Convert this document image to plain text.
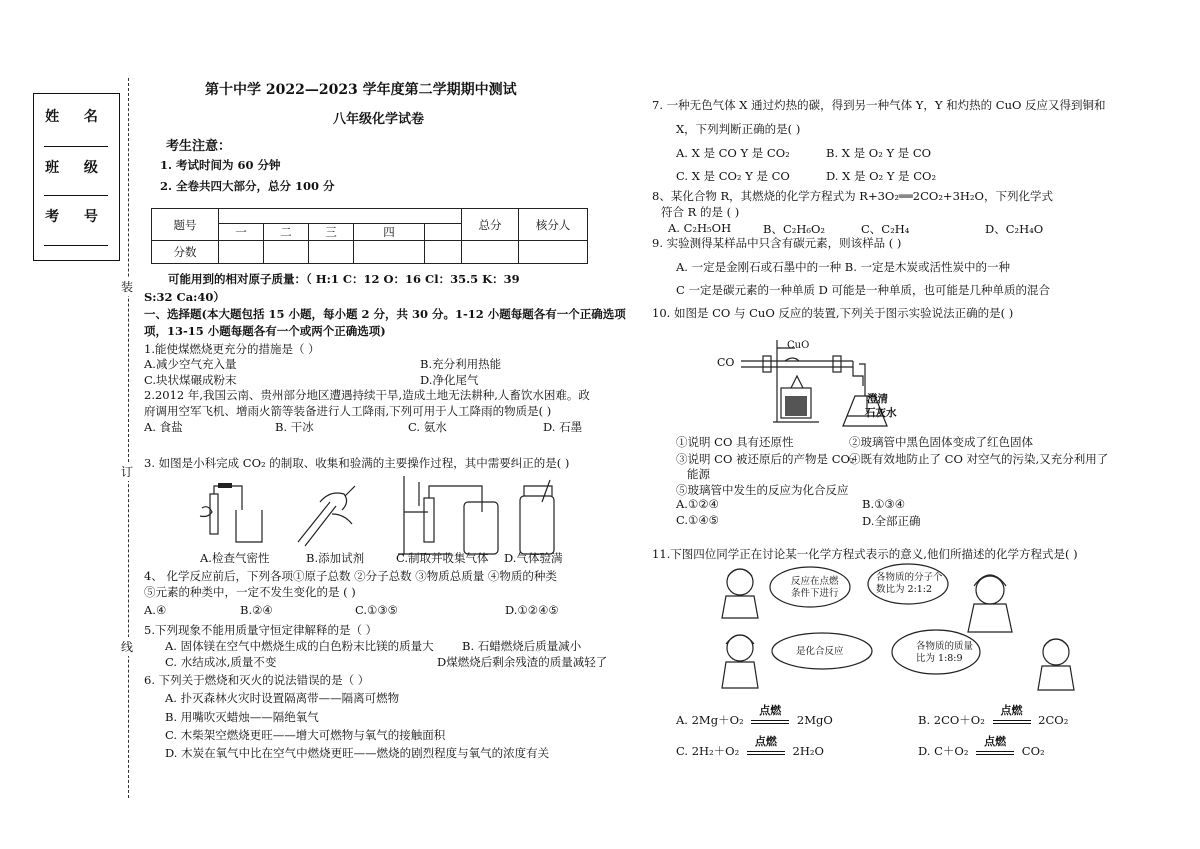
姓 名
班 级
考 号
装
订
线
第十中学 2022—2023 学年度第二学期期中测试
八年级化学试卷
考生注意：
1. 考试时间为 60 分钟
2. 全卷共四大部分，总分 100 分
题号						总分	核分人
	一	二	三	四			
分数							
可能用到的相对原子质量：（ H:1 C：12 O：16 Cl：35.5 K：39
S:32 Ca:40）
一、选择题(本大题包括 15 小题，每小题 2 分，共 30 分。1-12 小题每题各有一个正确选项
项，13-15 小题每题各有一个或两个正确选项)
1.能使煤燃烧更充分的措施是（ ）
A.减少空气充入量	B.充分利用热能
C.块状煤碾成粉末	D.净化尾气
2.2012 年,我国云南、贵州部分地区遭遇持续干旱,造成土地无法耕种,人畜饮水困难。政
府调用空军飞机、增雨火箭等装备进行人工降雨,下列可用于人工降雨的物质是( )
A. 食盐	B. 干冰	C. 氨水	D. 石墨
3. 如图是小科完成 CO₂ 的制取、收集和验满的主要操作过程，其中需要纠正的是( )
A.检查气密性	B.添加试剂	C.制取并收集气体 D.气体验满
4、 化学反应前后，下列各项①原子总数 ②分子总数 ③物质总质量 ④物质的种类
⑤元素的种类中，一定不发生变化的是 ( )
A.④	B.②④	C.①③⑤	D.①②④⑤
5.下列现象不能用质量守恒定律解释的是（ ）
A. 固体镁在空气中燃烧生成的白色粉末比镁的质量大 B. 石蜡燃烧后质量减小
C. 水结成冰,质量不变	D煤燃烧后剩余残渣的质量减轻了
6. 下列关于燃烧和灭火的说法错误的是（ ）
A. 扑灭森林火灾时设置隔离带——隔离可燃物
B. 用嘴吹灭蜡烛——隔绝氧气
C. 木柴架空燃烧更旺——增大可燃物与氧气的接触面积
D. 木炭在氧气中比在空气中燃烧更旺——燃烧的剧烈程度与氧气的浓度有关
7. 一种无色气体 X 通过灼热的碳，得到另一种气体 Y，Y 和灼热的 CuO 反应又得到铜和
X，下列判断正确的是( )
A. X 是 CO Y 是 CO₂	B. X 是 O₂ Y 是 CO
C. X 是 CO₂ Y 是 CO	D. X 是 O₂ Y 是 CO₂
8、某化合物 R，其燃烧的化学方程式为 R+3O₂══2CO₂+3H₂O，下列化学式
符合 R 的是 ( )
A. C₂H₅OH	B、C₂H₆O₂	C、C₂H₄	D、C₂H₄O
9. 实验测得某样品中只含有碳元素，则该样品 ( )
A. 一定是金刚石或石墨中的一种 B. 一定是木炭或活性炭中的一种
C 一定是碳元素的一种单质 D 可能是一种单质，也可能是几种单质的混合
10. 如图是 CO 与 CuO 反应的装置,下列关于图示实验说法正确的是( )
CO
CuO
澄清
石灰水
①说明 CO 具有还原性	②玻璃管中黑色固体变成了红色固体
③说明 CO 被还原后的产物是 CO₂
④既有效地防止了 CO 对空气的污染,又充分利用了
能源
⑤玻璃管中发生的反应为化合反应
A.①②④	B.①③④
C.①④⑤	D.全部正确
11.下图四位同学正在讨论某一化学方程式表示的意义,他们所描述的化学方程式是( )
反应在点燃
条件下进行
各物质的分子个
数比为 2:1:2
是化合反应	各物质的质量
比为 1:8:9
A. 2Mg＋O₂
点燃
2MgO	B. 2CO＋O₂
点燃
2CO₂
C. 2H₂＋O₂
点燃
2H₂O	D. C＋O₂
点燃
CO₂
